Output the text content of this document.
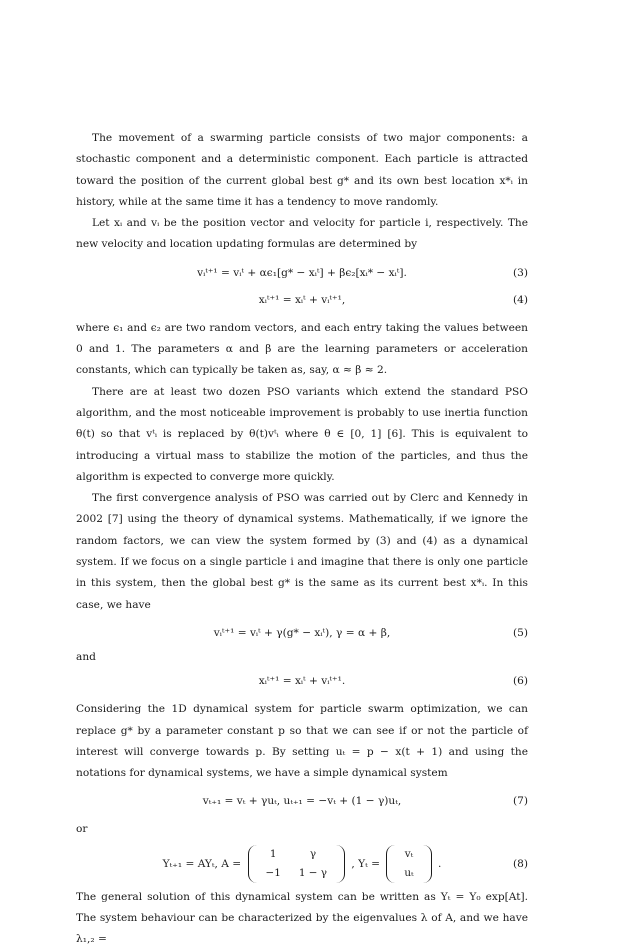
The movement of a swarming particle consists of two major components: a stochastic component and a deterministic component. Each particle is attracted toward the position of the current global best g* and its own best location x*ᵢ in history, while at the same time it has a tendency to move randomly.

Let xᵢ and vᵢ be the position vector and velocity for particle i, respectively. The new velocity and location updating formulas are determined by

vᵢᵗ⁺¹ = vᵢᵗ + αϵ₁[g* − xᵢᵗ] + βϵ₂[xᵢ* − xᵢᵗ].	(3)
xᵢᵗ⁺¹ = xᵢᵗ + vᵢᵗ⁺¹,	(4)

where ϵ₁ and ϵ₂ are two random vectors, and each entry taking the values between 0 and 1. The parameters α and β are the learning parameters or acceleration constants, which can typically be taken as, say, α ≈ β ≈ 2.

There are at least two dozen PSO variants which extend the standard PSO algorithm, and the most noticeable improvement is probably to use inertia function θ(t) so that vᵗᵢ is replaced by θ(t)vᵗᵢ where θ ∈ [0, 1] [6]. This is equivalent to introducing a virtual mass to stabilize the motion of the particles, and thus the algorithm is expected to converge more quickly.

The first convergence analysis of PSO was carried out by Clerc and Kennedy in 2002 [7] using the theory of dynamical systems. Mathematically, if we ignore the random factors, we can view the system formed by (3) and (4) as a dynamical system. If we focus on a single particle i and imagine that there is only one particle in this system, then the global best g* is the same as its current best x*ᵢ. In this case, we have

vᵢᵗ⁺¹ = vᵢᵗ + γ(g* − xᵢᵗ), γ = α + β,	(5)

and

xᵢᵗ⁺¹ = xᵢᵗ + vᵢᵗ⁺¹.	(6)

Considering the 1D dynamical system for particle swarm optimization, we can replace g* by a parameter constant p so that we can see if or not the particle of interest will converge towards p. By setting uₜ = p − x(t + 1) and using the notations for dynamical systems, we have a simple dynamical system

vₜ₊₁ = vₜ + γuₜ, uₜ₊₁ = −vₜ + (1 − γ)uₜ,	(7)

or

Yₜ₊₁ = AYₜ, A =
1	γ
−1	1 − γ
, Yₜ =
vₜ
uₜ
.	(8)

The general solution of this dynamical system can be written as Yₜ = Y₀ exp[At]. The system behaviour can be characterized by the eigenvalues λ of A, and we have λ₁,₂ =
